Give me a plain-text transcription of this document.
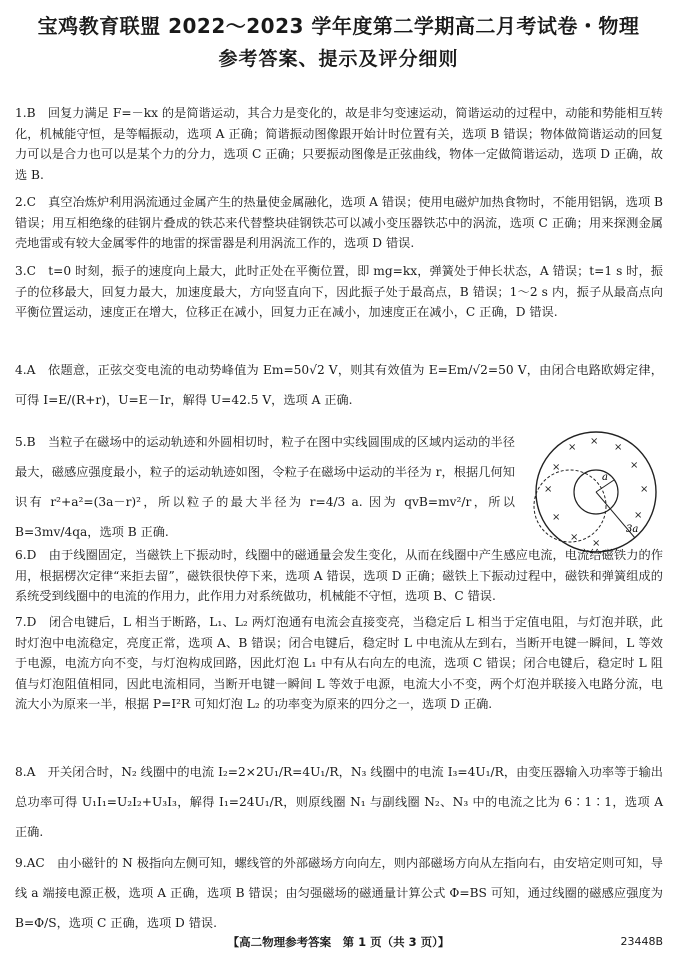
宝鸡教育联盟 2022～2023 学年度第二学期高二月考试卷・物理
参考答案、提示及评分细则

1.B　回复力满足 F=－kx 的是简谐运动，其合力是变化的，故是非匀变速运动，简谐运动的过程中，动能和势能相互转化，机械能守恒，是等幅振动，选项 A 正确；简谐振动图像跟开始计时位置有关，选项 B 错误；物体做简谐运动的回复力可以是合力也可以是某个力的分力，选项 C 正确；只要振动图像是正弦曲线，物体一定做简谐运动，选项 D 正确，故选 B.

2.C　真空冶炼炉利用涡流通过金属产生的热量使金属融化，选项 A 错误；使用电磁炉加热食物时，不能用铝锅，选项 B 错误；用互相绝缘的硅钢片叠成的铁芯来代替整块硅钢铁芯可以减小变压器铁芯中的涡流，选项 C 正确；用来探测金属壳地雷或有较大金属零件的地雷的探雷器是利用涡流工作的，选项 D 错误.

3.C　t=0 时刻，振子的速度向上最大，此时正处在平衡位置，即 mg=kx，弹簧处于伸长状态，A 错误；t=1 s 时，振子的位移最大，回复力最大，加速度最大，方向竖直向下，因此振子处于最高点，B 错误；1～2 s 内，振子从最高点向平衡位置运动，速度正在增大，位移正在减小，回复力正在减小，加速度正在减小，C 正确，D 错误.

4.A　依题意，正弦交变电流的电动势峰值为 Em=50√2 V，则其有效值为 E=Em/√2=50 V，由闭合电路欧姆定律，可得 I=E/(R+r)，U=E－Ir，解得 U=42.5 V，选项 A 正确.

5.B　当粒子在磁场中的运动轨迹和外圆相切时，粒子在图中实线圆围成的区域内运动的半径最大，磁感应强度最小，粒子的运动轨迹如图，令粒子在磁场中运动的半径为 r，根据几何知识有 r²+a²=(3a－r)²，所以粒子的最大半径为 r=4/3 a. 因为 qvB=mv²/r，所以 B=3mv/4qa，选项 B 正确.

×
×
×
×	×
×	×
×	×
×
×
a
3a

6.D　由于线圈固定，当磁铁上下振动时，线圈中的磁通量会发生变化，从而在线圈中产生感应电流，电流给磁铁力的作用，根据楞次定律“来拒去留”，磁铁很快停下来，选项 A 错误，选项 D 正确；磁铁上下振动过程中，磁铁和弹簧组成的系统受到线圈中的电流的作用力，此作用力对系统做功，机械能不守恒，选项 B、C 错误.

7.D　闭合电键后，L 相当于断路，L₁、L₂ 两灯泡通有电流会直接变亮，当稳定后 L 相当于定值电阻，与灯泡并联，此时灯泡中电流稳定，亮度正常，选项 A、B 错误；闭合电键后，稳定时 L 中电流从左到右，当断开电键一瞬间，L 等效于电源，电流方向不变，与灯泡构成回路，因此灯泡 L₁ 中有从右向左的电流，选项 C 错误；闭合电键后，稳定时 L 阻值与灯泡阻值相同，因此电流相同，当断开电键一瞬间 L 等效于电源，电流大小不变，两个灯泡并联接入电路分流，电流大小为原来一半，根据 P=I²R 可知灯泡 L₂ 的功率变为原来的四分之一，选项 D 正确.

8.A　开关闭合时，N₂ 线圈中的电流 I₂=2×2U₁/R=4U₁/R，N₃ 线圈中的电流 I₃=4U₁/R，由变压器输入功率等于输出总功率可得 U₁I₁=U₂I₂+U₃I₃，解得 I₁=24U₁/R，则原线圈 N₁ 与副线圈 N₂、N₃ 中的电流之比为 6∶1∶1，选项 A 正确.

9.AC　由小磁针的 N 极指向左侧可知，螺线管的外部磁场方向向左，则内部磁场方向从左指向右，由安培定则可知，导线 a 端接电源正极，选项 A 正确，选项 B 错误；由匀强磁场的磁通量计算公式 Φ=BS 可知，通过线圈的磁感应强度为 B=Φ/S，选项 C 正确，选项 D 错误.

【高二物理参考答案　第 1 页（共 3 页）】	23448B
